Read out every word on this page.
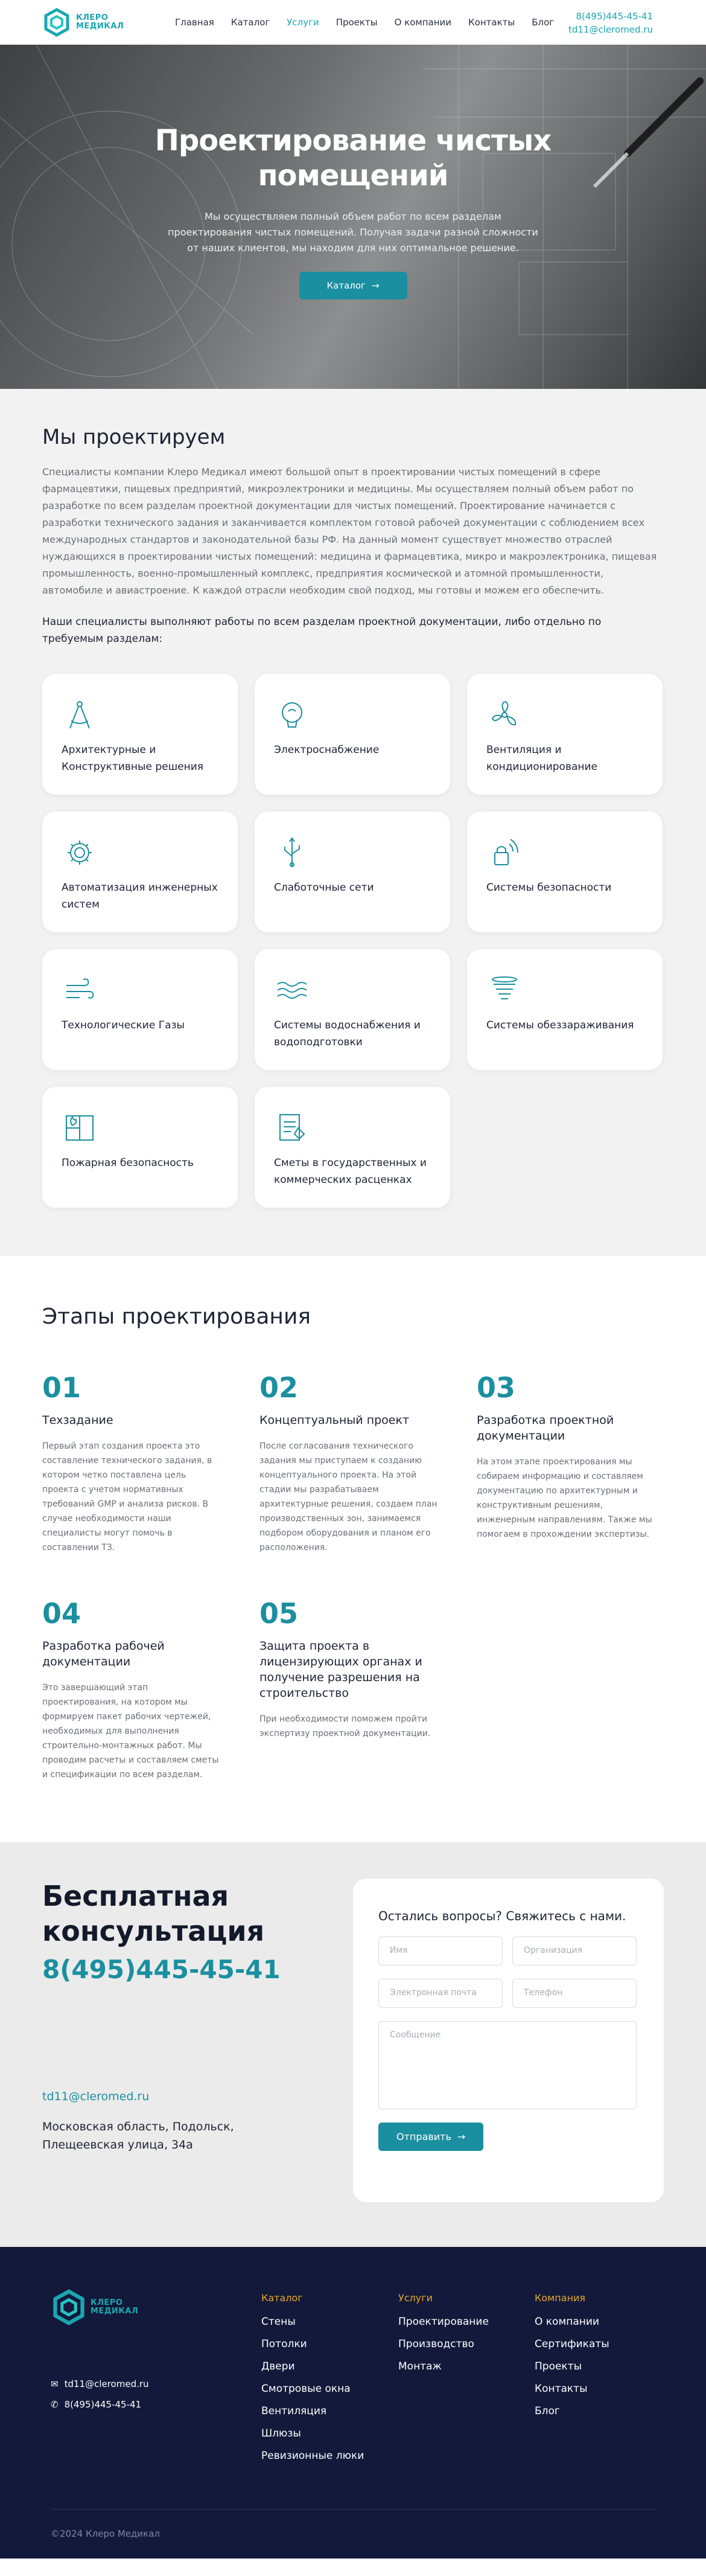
КЛЕРО
МЕДИКАЛ	Главная Каталог Услуги Проекты О компании Контакты Блог
8(495)445-45-41
td11@cleromed.ru
Проектирование чистых помещений

Мы осуществляем полный объем работ по всем разделам проектирования чистых помещений. Получая задачи разной сложности от наших клиентов, мы находим для них оптимальное решение.

Каталог →
Мы проектируем

Специалисты компании Клеро Медикал имеют большой опыт в проектировании чистых помещений в сфере фармацевтики, пищевых предприятий, микроэлектроники и медицины. Мы осуществляем полный объем работ по разработке по всем разделам проектной документации для чистых помещений. Проектирование начинается с разработки технического задания и заканчивается комплектом готовой рабочей документации с соблюдением всех международных стандартов и законодательной базы РФ. На данный момент существует множество отраслей нуждающихся в проектировании чистых помещений: медицина и фармацевтика, микро и макроэлектроника, пищевая промышленность, военно-промышленный комплекс, предприятия космической и атомной промышленности, автомобиле и авиастроение. К каждой отрасли необходим свой подход, мы готовы и можем его обеспечить.

Наши специалисты выполняют работы по всем разделам проектной документации, либо отдельно по требуемым разделам:

Архитектурные и Конструктивные решения
Электроснабжение	Вентиляция и кондиционирование
Автоматизация инженерных систем
Слаботочные сети	Системы безопасности
Технологические Газы	Системы водоснабжения и водоподготовки
Системы обеззараживания
Пожарная безопасность	Сметы в государственных и коммерческих расценках
Этапы проектирования
01
Техзадание
Первый этап создания проекта это составление технического задания, в котором четко поставлена цель проекта с учетом нормативных требований GMP и анализа рисков. В случае необходимости наши специалисты могут помочь в составлении ТЗ.
02
Концептуальный проект
После согласования технического задания мы приступаем к созданию концептуального проекта. На этой стадии мы разрабатываем архитектурные решения, создаем план производственных зон, занимаемся подбором оборудования и планом его расположения.
03
Разработка проектной документации
На этом этапе проектирования мы собираем информацию и составляем документацию по архитектурным и конструктивным решениям, инженерным направлениям. Также мы помогаем в прохождении экспертизы.
04
Разработка рабочей документации
Это завершающий этап проектирования, на котором мы формируем пакет рабочих чертежей, необходимых для выполнения строительно-монтажных работ. Мы проводим расчеты и составляем сметы и спецификации по всем разделам.
05
Защита проекта в лицензирующих органах и получение разрешения на строительство
При необходимости поможем пройти экспертизу проектной документации.
Бесплатная консультация
8(495)445-45-41
td11@cleromed.ru
Московская область, Подольск, Плещеевская улица, 34а
Остались вопросы? Свяжитесь с нами.
Имя	Организация
Электронная почта	Телефон
Сообщение
Отправить →
КЛЕРО
МЕДИКАЛ
✉ td11@cleromed.ru
✆ 8(495)445-45-41
Каталог
Стены
Потолки
Двери
Смотровые окна
Вентиляция
Шлюзы
Ревизионные люки
Услуги
Проектирование
Производство
Монтаж
Компания
О компании
Сертификаты
Проекты
Контакты
Блог
©2024 Клеро Медикал
